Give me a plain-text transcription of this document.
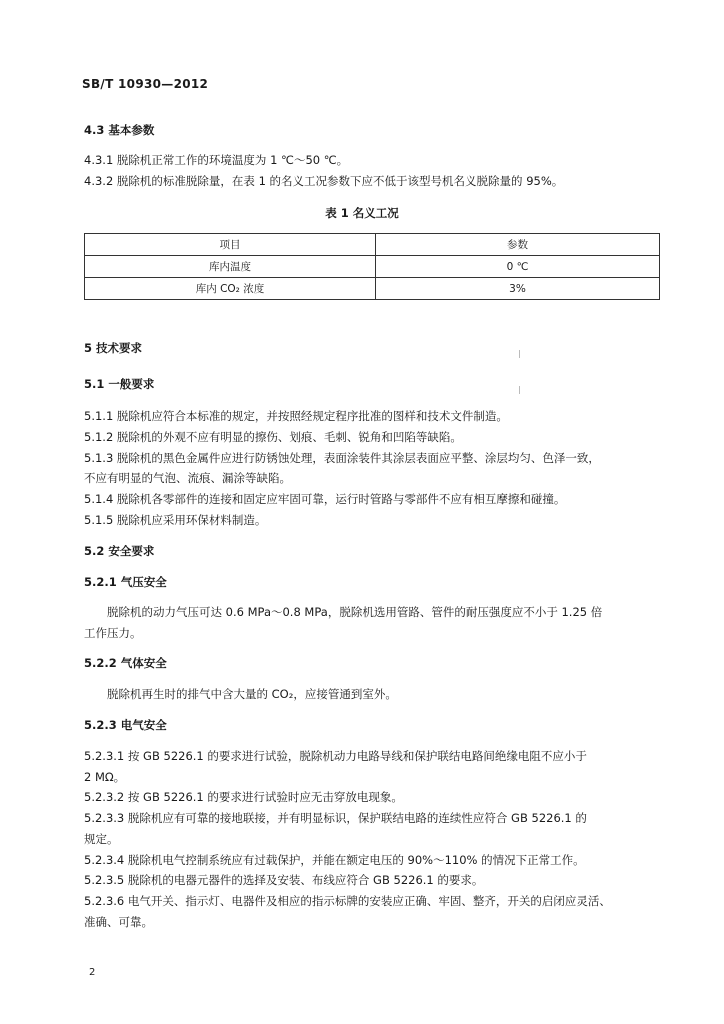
SB/T 10930—2012
4.3 基本参数
4.3.1 脱除机正常工作的环境温度为 1 ℃～50 ℃。
4.3.2 脱除机的标准脱除量，在表 1 的名义工况参数下应不低于该型号机名义脱除量的 95%。
表 1 名义工况
项目	参数
库内温度	0 ℃
库内 CO₂ 浓度	3%
5 技术要求
5.1 一般要求
5.1.1 脱除机应符合本标准的规定，并按照经规定程序批准的图样和技术文件制造。
5.1.2 脱除机的外观不应有明显的擦伤、划痕、毛刺、锐角和凹陷等缺陷。
5.1.3 脱除机的黑色金属件应进行防锈蚀处理，表面涂装件其涂层表面应平整、涂层均匀、色泽一致，
不应有明显的气泡、流痕、漏涂等缺陷。
5.1.4 脱除机各零部件的连接和固定应牢固可靠，运行时管路与零部件不应有相互摩擦和碰撞。
5.1.5 脱除机应采用环保材料制造。
5.2 安全要求
5.2.1 气压安全
脱除机的动力气压可达 0.6 MPa～0.8 MPa，脱除机选用管路、管件的耐压强度应不小于 1.25 倍
工作压力。
5.2.2 气体安全
脱除机再生时的排气中含大量的 CO₂，应接管通到室外。
5.2.3 电气安全
5.2.3.1 按 GB 5226.1 的要求进行试验，脱除机动力电路导线和保护联结电路间绝缘电阻不应小于
2 MΩ。
5.2.3.2 按 GB 5226.1 的要求进行试验时应无击穿放电现象。
5.2.3.3 脱除机应有可靠的接地联接，并有明显标识，保护联结电路的连续性应符合 GB 5226.1 的
规定。
5.2.3.4 脱除机电气控制系统应有过载保护，并能在额定电压的 90%～110% 的情况下正常工作。
5.2.3.5 脱除机的电器元器件的选择及安装、布线应符合 GB 5226.1 的要求。
5.2.3.6 电气开关、指示灯、电器件及相应的指示标牌的安装应正确、牢固、整齐，开关的启闭应灵活、
准确、可靠。
2
